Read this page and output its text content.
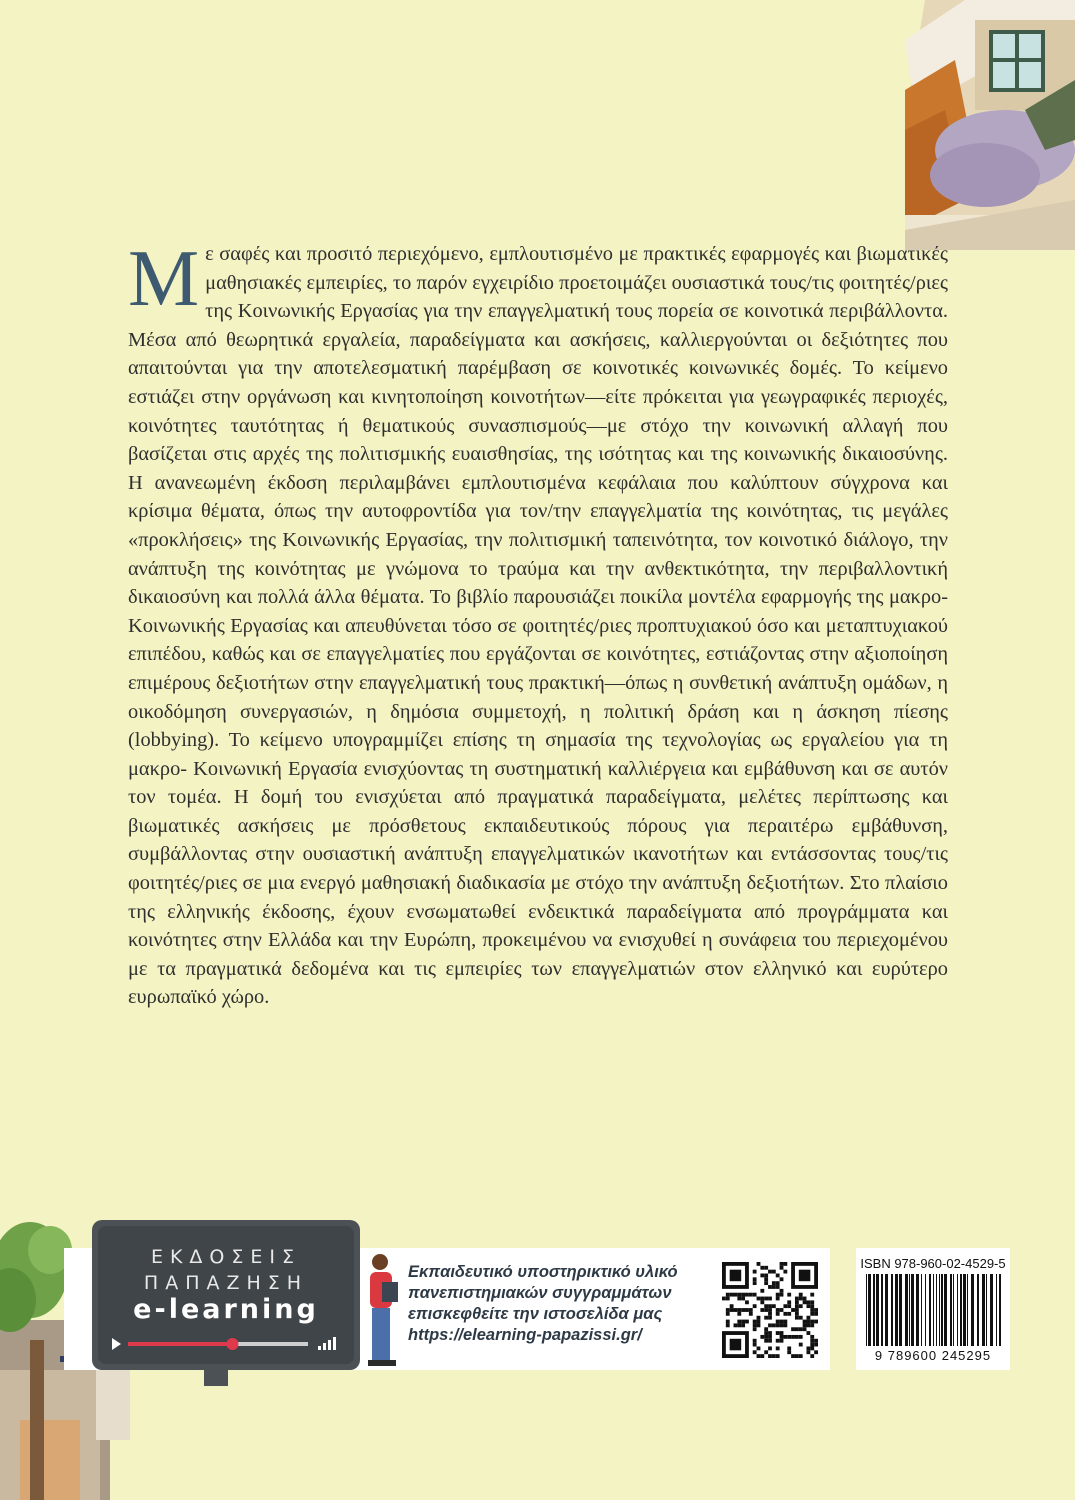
Με σαφές και προσιτό περιεχόμενο, εμπλουτισμένο με πρακτικές εφαρμογές και βιωματικές μαθησιακές εμπειρίες, το παρόν εγχειρίδιο προετοιμάζει ουσιαστικά τους/τις φοιτητές/ριες της Κοινωνικής Εργασίας για την επαγγελματική τους πορεία σε κοινοτικά περιβάλλοντα. Μέσα από θεωρητικά εργαλεία, παραδείγματα και ασκήσεις, καλλιεργούνται οι δεξιότητες που απαιτούνται για την αποτελεσματική παρέμβαση σε κοινοτικές κοινωνικές δομές. Το κείμενο εστιάζει στην οργάνωση και κινητοποίηση κοινοτήτων—είτε πρόκειται για γεωγραφικές περιοχές, κοινότητες ταυτότητας ή θεματικούς συνασπισμούς—με στόχο την κοινωνική αλλαγή που βασίζεται στις αρχές της πολιτισμικής ευαισθησίας, της ισότητας και της κοινωνικής δικαιοσύνης. Η ανανεωμένη έκδοση περιλαμβάνει εμπλουτισμένα κεφάλαια που καλύπτουν σύγχρονα και κρίσιμα θέματα, όπως την αυτοφροντίδα για τον/την επαγγελματία της κοινότητας, τις μεγάλες «προκλήσεις» της Κοινωνικής Εργασίας, την πολιτισμική ταπεινότητα, τον κοινοτικό διάλογο, την ανάπτυξη της κοινότητας με γνώμονα το τραύμα και την ανθεκτικότητα, την περιβαλλοντική δικαιοσύνη και πολλά άλλα θέματα. Το βιβλίο παρουσιάζει ποικίλα μοντέλα εφαρμογής της μακρο- Κοινωνικής Εργασίας και απευθύνεται τόσο σε φοιτητές/ριες προπτυχιακού όσο και μεταπτυχιακού επιπέδου, καθώς και σε επαγγελματίες που εργάζονται σε κοινότητες, εστιάζοντας στην αξιοποίηση επιμέρους δεξιοτήτων στην επαγγελματική τους πρακτική—όπως η συνθετική ανάπτυξη ομάδων, η οικοδόμηση συνεργασιών, η δημόσια συμμετοχή, η πολιτική δράση και η άσκηση πίεσης (lobbying). Το κείμενο υπογραμμίζει επίσης τη σημασία της τεχνολογίας ως εργαλείου για τη μακρο- Κοινωνική Εργασία ενισχύοντας τη συστηματική καλλιέργεια και εμβάθυνση και σε αυτόν τον τομέα. Η δομή του ενισχύεται από πραγματικά παραδείγματα, μελέτες περίπτωσης και βιωματικές ασκήσεις με πρόσθετους εκπαιδευτικούς πόρους για περαιτέρω εμβάθυνση, συμβάλλοντας στην ουσιαστική ανάπτυξη επαγγελματικών ικανοτήτων και εντάσσοντας τους/τις φοιτητές/ριες σε μια ενεργό μαθησιακή διαδικασία με στόχο την ανάπτυξη δεξιοτήτων. Στο πλαίσιο της ελληνικής έκδοσης, έχουν ενσωματωθεί ενδεικτικά παραδείγματα από προγράμματα και κοινότητες στην Ελλάδα και την Ευρώπη, προκειμένου να ενισχυθεί η συνάφεια του περιεχομένου με τα πραγματικά δεδομένα και τις εμπειρίες των επαγγελματιών στον ελληνικό και ευρύτερο ευρωπαϊκό χώρο.

ΕΚΔΟΣΕΙΣ
ΠΑΠΑΖΗΣΗ
e-learning
Εκπαιδευτικό υποστηρικτικό υλικό
πανεπιστημιακών συγγραμμάτων
επισκεφθείτε την ιστοσελίδα μας
https://elearning-papazissi.gr/
ISBN 978-960-02-4529-5
9 789600 245295
